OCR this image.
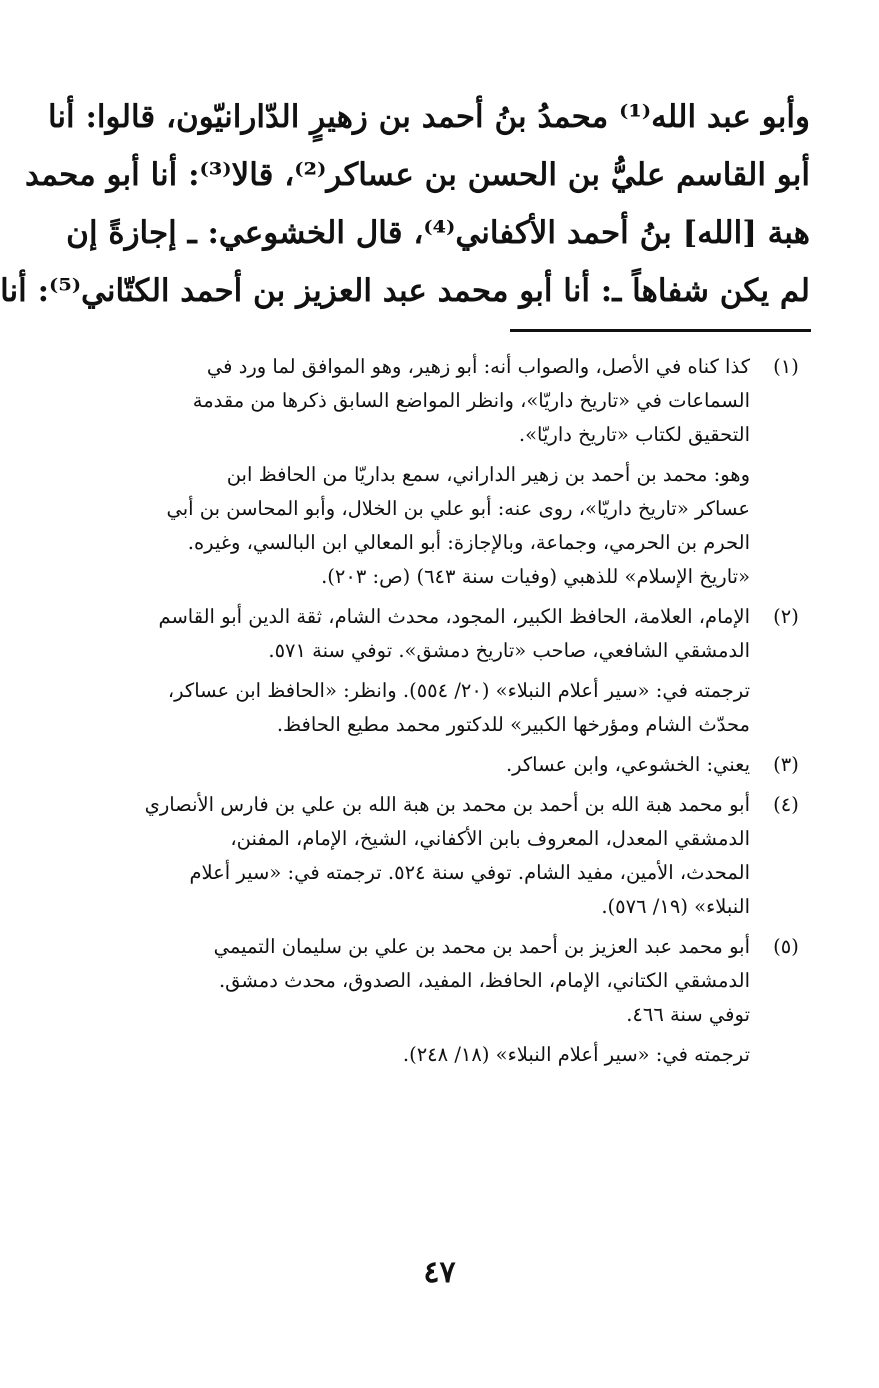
وأبو عبد الله⁽¹⁾ محمدُ بنُ أحمد بن زهيرٍ الدّارانيّون، قالوا: أنا
أبو القاسم عليُّ بن الحسن بن عساكر⁽²⁾، قالا⁽³⁾: أنا أبو محمد
هبة [الله] بنُ أحمد الأكفاني⁽⁴⁾، قال الخشوعي: ـ إجازةً إن
لم يكن شفاهاً ـ: أنا أبو محمد عبد العزيز بن أحمد الكتّاني⁽⁵⁾: أنا
(١)
كذا كناه في الأصل، والصواب أنه: أبو زهير، وهو الموافق لما ورد في
السماعات في «تاريخ داريّا»، وانظر المواضع السابق ذكرها من مقدمة
التحقيق لكتاب «تاريخ داريّا».
وهو: محمد بن أحمد بن زهير الداراني، سمع بداريّا من الحافظ ابن
عساكر «تاريخ داريّا»، روى عنه: أبو علي بن الخلال، وأبو المحاسن بن أبي
الحرم بن الحرمي، وجماعة، وبالإجازة: أبو المعالي ابن البالسي، وغيره.
«تاريخ الإسلام» للذهبي (وفيات سنة ٦٤٣) (ص: ٢٠٣).
(٢)
الإمام، العلامة، الحافظ الكبير، المجود، محدث الشام، ثقة الدين أبو القاسم
الدمشقي الشافعي، صاحب «تاريخ دمشق». توفي سنة ٥٧١.
ترجمته في: «سير أعلام النبلاء» (٢٠/ ٥٥٤). وانظر: «الحافظ ابن عساكر،
محدّث الشام ومؤرخها الكبير» للدكتور محمد مطيع الحافظ.
(٣)
يعني: الخشوعي، وابن عساكر.
(٤)
أبو محمد هبة الله بن أحمد بن محمد بن هبة الله بن علي بن فارس الأنصاري
الدمشقي المعدل، المعروف بابن الأكفاني، الشيخ، الإمام، المفنن،
المحدث، الأمين، مفيد الشام. توفي سنة ٥٢٤. ترجمته في: «سير أعلام
النبلاء» (١٩/ ٥٧٦).
(٥)
أبو محمد عبد العزيز بن أحمد بن محمد بن علي بن سليمان التميمي
الدمشقي الكتاني، الإمام، الحافظ، المفيد، الصدوق، محدث دمشق.
توفي سنة ٤٦٦.
ترجمته في: «سير أعلام النبلاء» (١٨/ ٢٤٨).
٤٧
